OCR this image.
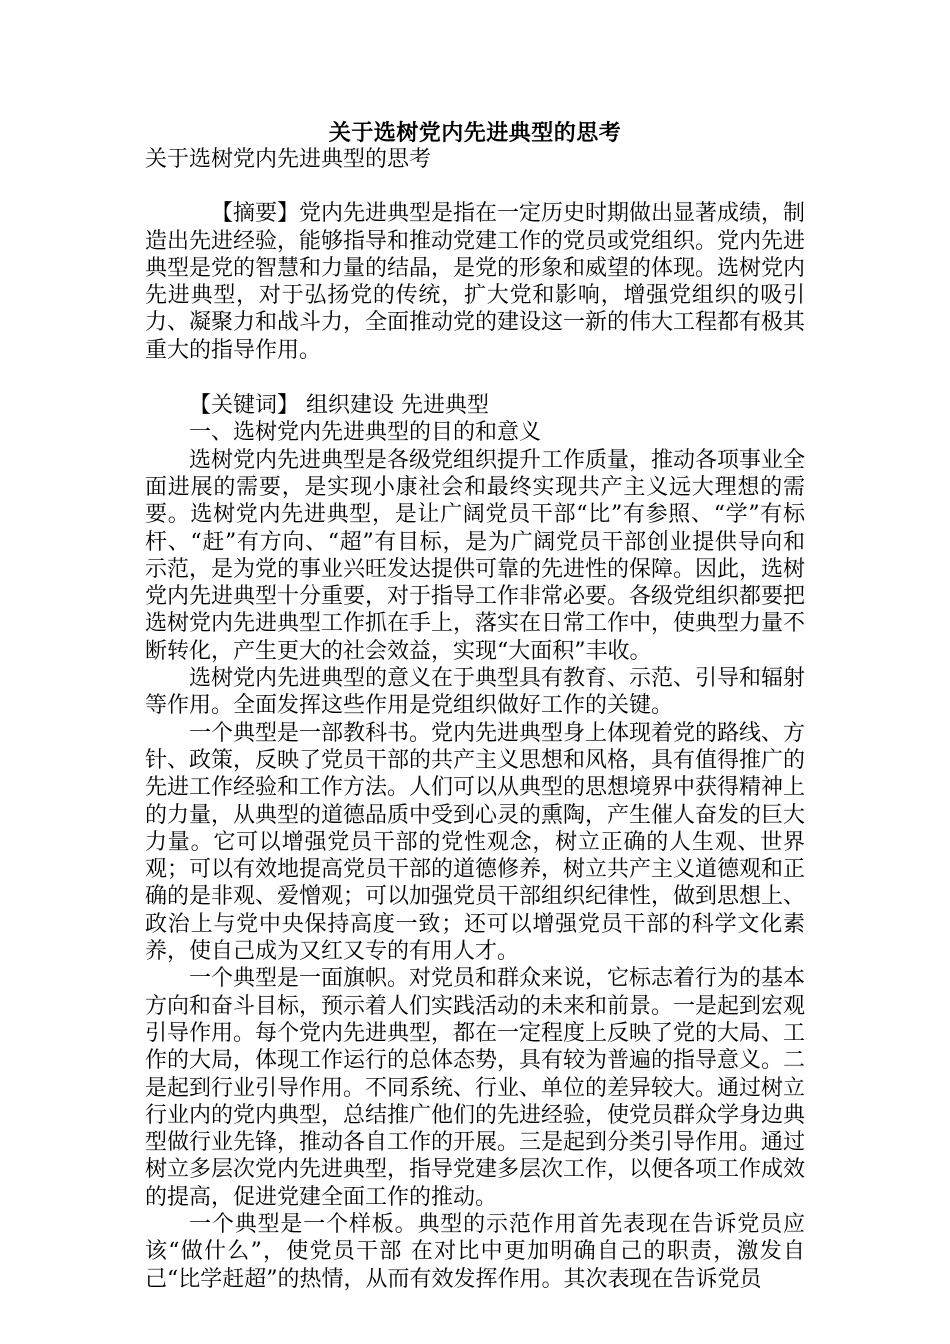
关于选树党内先进典型的思考

关于选树党内先进典型的思考

【摘要】党内先进典型是指在一定历史时期做出显著成绩，制造出先进经验，能够指导和推动党建工作的党员或党组织。党内先进典型是党的智慧和力量的结晶，是党的形象和威望的体现。选树党内先进典型，对于弘扬党的传统，扩大党和影响，增强党组织的吸引力、凝聚力和战斗力，全面推动党的建设这一新的伟大工程都有极其重大的指导作用。

【关键词】 组织建设 先进典型

一、选树党内先进典型的目的和意义

选树党内先进典型是各级党组织提升工作质量，推动各项事业全面进展的需要，是实现小康社会和最终实现共产主义远大理想的需要。选树党内先进典型，是让广阔党员干部“比”有参照、“学”有标杆、“赶”有方向、“超”有目标，是为广阔党员干部创业提供导向和示范，是为党的事业兴旺发达提供可靠的先进性的保障。因此，选树党内先进典型十分重要，对于指导工作非常必要。各级党组织都要把选树党内先进典型工作抓在手上，落实在日常工作中，使典型力量不断转化，产生更大的社会效益，实现“大面积”丰收。

选树党内先进典型的意义在于典型具有教育、示范、引导和辐射等作用。全面发挥这些作用是党组织做好工作的关键。

一个典型是一部教科书。党内先进典型身上体现着党的路线、方针、政策，反映了党员干部的共产主义思想和风格，具有值得推广的先进工作经验和工作方法。人们可以从典型的思想境界中获得精神上的力量，从典型的道德品质中受到心灵的熏陶，产生催人奋发的巨大力量。它可以增强党员干部的党性观念，树立正确的人生观、世界观；可以有效地提高党员干部的道德修养，树立共产主义道德观和正确的是非观、爱憎观；可以加强党员干部组织纪律性，做到思想上、政治上与党中央保持高度一致；还可以增强党员干部的科学文化素养，使自己成为又红又专的有用人才。

一个典型是一面旗帜。对党员和群众来说，它标志着行为的基本方向和奋斗目标，预示着人们实践活动的未来和前景。一是起到宏观引导作用。每个党内先进典型，都在一定程度上反映了党的大局、工作的大局，体现工作运行的总体态势，具有较为普遍的指导意义。二是起到行业引导作用。不同系统、行业、单位的差异较大。通过树立行业内的党内典型，总结推广他们的先进经验，使党员群众学身边典型做行业先锋，推动各自工作的开展。三是起到分类引导作用。通过树立多层次党内先进典型，指导党建多层次工作，以便各项工作成效的提高，促进党建全面工作的推动。

一个典型是一个样板。典型的示范作用首先表现在告诉党员应该“做什么”，使党员干部 在对比中更加明确自己的职责，激发自己“比学赶超”的热情，从而有效发挥作用。其次表现在告诉党员
